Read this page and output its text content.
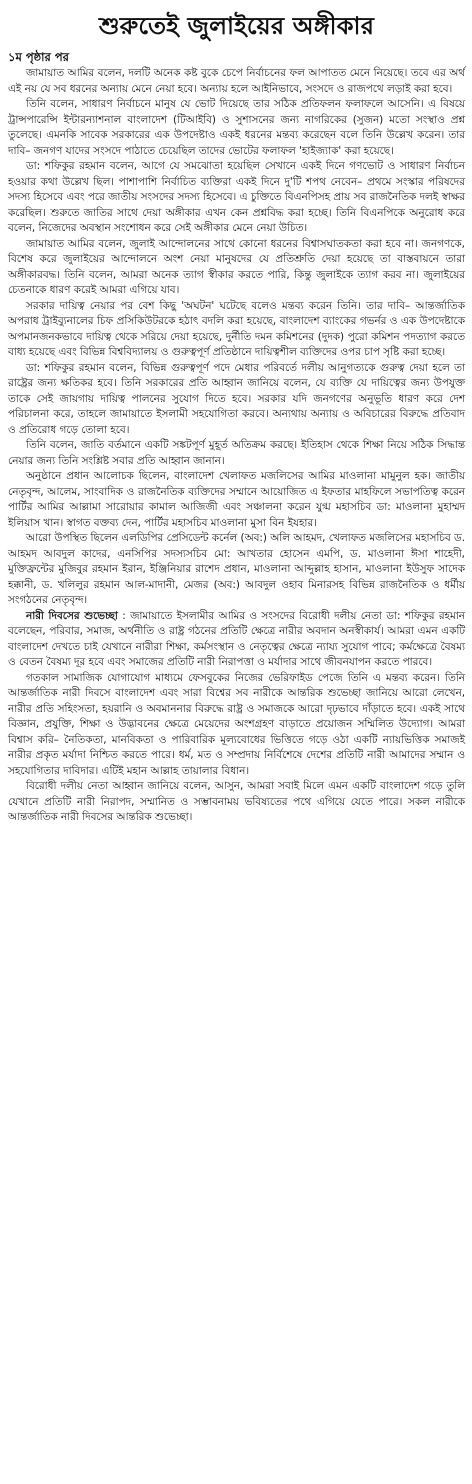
শুরুতেই জুলাইয়ের অঙ্গীকার
১ম পৃষ্ঠার পর

জামায়াত আমির বলেন, দলটি অনেক কষ্ট বুকে চেপে নির্বাচনের ফল আপাতত মেনে নিয়েছে। তবে এর অর্থ এই নয় যে সব ধরনের অন্যায় মেনে নেয়া হবে। অন্যায় হলে আইনিভাবে, সংসদে ও রাজপথে লড়াই করা হবে।

তিনি বলেন, সাধারণ নির্বাচনে মানুষ যে ভোট দিয়েছে তার সঠিক প্রতিফলন ফলাফলে আসেনি। এ বিষয়ে ট্রান্সপারেন্সি ইন্টারন্যাশনাল বাংলাদেশ (টিআইবি) ও সুশাসনের জন্য নাগরিকের (সুজন) মতো সংস্থাও প্রশ্ন তুলেছে। এমনকি সাবেক সরকারের এক উপদেষ্টাও একই ধরনের মন্তব্য করেছেন বলে তিনি উল্লেখ করেন। তার দাবি– জনগণ যাদের সংসদে পাঠাতে চেয়েছিল তাদের ভোটের ফলাফল 'হাইজ্যাক' করা হয়েছে।

ডা: শফিকুর রহমান বলেন, আগে যে সমঝোতা হয়েছিল সেখানে একই দিনে গণভোট ও সাধারণ নির্বাচন হওয়ার কথা উল্লেখ ছিল। পাশাপাশি নির্বাচিত ব্যক্তিরা একই দিনে দু'টি শপথ নেবেন– প্রথমে সংস্কার পরিষদের সদস্য হিসেবে এবং পরে জাতীয় সংসদের সদস্য হিসেবে। এ চুক্তিতে বিএনপিসহ প্রায় সব রাজনৈতিক দলই স্বাক্ষর করেছিল। শুরুতে জাতির সাথে দেয়া অঙ্গীকার এখন কেন প্রশ্নবিদ্ধ করা হচ্ছে। তিনি বিএনপিকে অনুরোধ করে বলেন, নিজেদের অবস্থান সংশোধন করে সেই অঙ্গীকার মেনে নেয়া উচিত।

জামায়াত আমির বলেন, জুলাই আন্দোলনের সাথে কোনো ধরনের বিশ্বাসঘাতকতা করা হবে না। জনগণকে, বিশেষ করে জুলাইয়ের আন্দোলনে অংশ নেয়া মানুষদের যে প্রতিশ্রুতি দেয়া হয়েছে তা বাস্তবায়নে তারা অঙ্গীকারবদ্ধ। তিনি বলেন, আমরা অনেক ত্যাগ স্বীকার করতে পারি, কিন্তু জুলাইকে ত্যাগ করব না। জুলাইয়ের চেতনাকে ধারণ করেই আমরা এগিয়ে যাব।

সরকার দায়িত্ব নেয়ার পর বেশ কিছু 'অঘটন' ঘটেছে বলেও মন্তব্য করেন তিনি। তার দাবি– আন্তর্জাতিক অপরাধ ট্রাইব্যুনালের চিফ প্রসিকিউটরকে হঠাৎ বদলি করা হয়েছে, বাংলাদেশ ব্যাংকের গভর্নর ও এক উপদেষ্টাকে অপমানজনকভাবে দায়িত্ব থেকে সরিয়ে দেয়া হয়েছে, দুর্নীতি দমন কমিশনের (দুদক) পুরো কমিশন পদত্যাগ করতে বাধ্য হয়েছে এবং বিভিন্ন বিশ্ববিদ্যালয় ও গুরুত্বপূর্ণ প্রতিষ্ঠানে দায়িত্বশীল ব্যক্তিদের ওপর চাপ সৃষ্টি করা হচ্ছে।

ডা: শফিকুর রহমান বলেন, বিভিন্ন গুরুত্বপূর্ণ পদে মেধার পরিবর্তে দলীয় আনুগত্যকে গুরুত্ব দেয়া হলে তা রাষ্ট্রের জন্য ক্ষতিকর হবে। তিনি সরকারের প্রতি আহ্বান জানিয়ে বলেন, যে ব্যক্তি যে দায়িত্বের জন্য উপযুক্ত তাকে সেই জায়গায় দায়িত্ব পালনের সুযোগ দিতে হবে। সরকার যদি জনগণের অনুভূতি ধারণ করে দেশ পরিচালনা করে, তাহলে জামায়াতে ইসলামী সহযোগিতা করবে। অন্যথায় অন্যায় ও অবিচারের বিরুদ্ধে প্রতিবাদ ও প্রতিরোধ গড়ে তোলা হবে।

তিনি বলেন, জাতি বর্তমানে একটি সঙ্কটপূর্ণ মুহূর্ত অতিক্রম করছে। ইতিহাস থেকে শিক্ষা নিয়ে সঠিক সিদ্ধান্ত নেয়ার জন্য তিনি সংশ্লিষ্ট সবার প্রতি আহ্বান জানান।

অনুষ্ঠানে প্রধান আলোচক ছিলেন, বাংলাদেশ খেলাফত মজলিসের আমির মাওলানা মামুনুল হক। জাতীয় নেতৃবৃন্দ, আলেম, সাংবাদিক ও রাজনৈতিক ব্যক্তিদের সম্মানে আয়োজিত এ ইফতার মাহফিলে সভাপতিত্ব করেন পার্টির আমির আল্লামা সারোয়ার কামাল আজিজী এবং সঞ্চালনা করেন যুগ্ম মহাসচিব ডা: মাওলানা মুহাম্মদ ইলিয়াস খান। স্বাগত বক্তব্য দেন, পার্টির মহাসচিব মাওলানা মুসা বিন ইযহার।

আরো উপস্থিত ছিলেন এলডিপির প্রেসিডেন্ট কর্নেল (অব:) অলি আহমদ, খেলাফত মজলিসের মহাসচিব ড. আহমদ আবদুল কাদের, এনসিপির সদস্যসচিব মো: আখতার হোসেন এমপি, ড. মাওলানা ঈসা শাহেদী, মুক্তিফ্রন্টের মুজিবুর রহমান ইরান, ইঞ্জিনিয়ার রাশেদ প্রধান, মাওলানা আব্দুল্লাহ হাসান, মাওলানা ইউসুফ সাদেক হক্কানী, ড. খলিলুর রহমান আল-মাদানী, মেজর (অব:) আবদুল ওহাব মিনারসহ বিভিন্ন রাজনৈতিক ও ধর্মীয় সংগঠনের নেতৃবৃন্দ।

নারী দিবসের শুভেচ্ছা : জামায়াতে ইসলামীর আমির ও সংসদের বিরোধী দলীয় নেতা ডা: শফিকুর রহমান বলেছেন, পরিবার, সমাজ, অর্থনীতি ও রাষ্ট্র গঠনের প্রতিটি ক্ষেত্রে নারীর অবদান অনস্বীকার্য। আমরা এমন একটি বাংলাদেশ দেখতে চাই যেখানে নারীরা শিক্ষা, কর্মসংস্থান ও নেতৃত্বের ক্ষেত্রে ন্যায্য সুযোগ পাবে; কর্মক্ষেত্রে বৈষম্য ও বেতন বৈষম্য দূর হবে এবং সমাজের প্রতিটি নারী নিরাপত্তা ও মর্যাদার সাথে জীবনযাপন করতে পারবে।

গতকাল সামাজিক যোগাযোগ মাধ্যমে ফেসবুকের নিজের ভেরিফাইড পেজে তিনি এ মন্তব্য করেন। তিনি আন্তর্জাতিক নারী দিবসে বাংলাদেশ এবং সারা বিশ্বের সব নারীকে আন্তরিক শুভেচ্ছা জানিয়ে আরো লেখেন, নারীর প্রতি সহিংসতা, হয়রানি ও অবমাননার বিরুদ্ধে রাষ্ট্র ও সমাজকে আরো দৃঢ়ভাবে দাঁড়াতে হবে। একই সাথে বিজ্ঞান, প্রযুক্তি, শিক্ষা ও উদ্ভাবনের ক্ষেত্রে মেয়েদের অংশগ্রহণ বাড়াতে প্রয়োজন সম্মিলিত উদ্যোগ। আমরা বিশ্বাস করি– নৈতিকতা, মানবিকতা ও পারিবারিক মূল্যবোধের ভিত্তিতে গড়ে ওঠা একটি ন্যায়ভিত্তিক সমাজই নারীর প্রকৃত মর্যাদা নিশ্চিত করতে পারে। ধর্ম, মত ও সম্প্রদায় নির্বিশেষে দেশের প্রতিটি নারী আমাদের সম্মান ও সহযোগিতার দাবিদার। এটিই মহান আল্লাহ তায়ালার বিধান।

বিরোধী দলীয় নেতা আহ্বান জানিয়ে বলেন, আসুন, আমরা সবাই মিলে এমন একটি বাংলাদেশ গড়ে তুলি যেখানে প্রতিটি নারী নিরাপদ, সম্মানিত ও সম্ভাবনাময় ভবিষ্যতের পথে এগিয়ে যেতে পারে। সকল নারীকে আন্তর্জাতিক নারী দিবসের আন্তরিক শুভেচ্ছা।
